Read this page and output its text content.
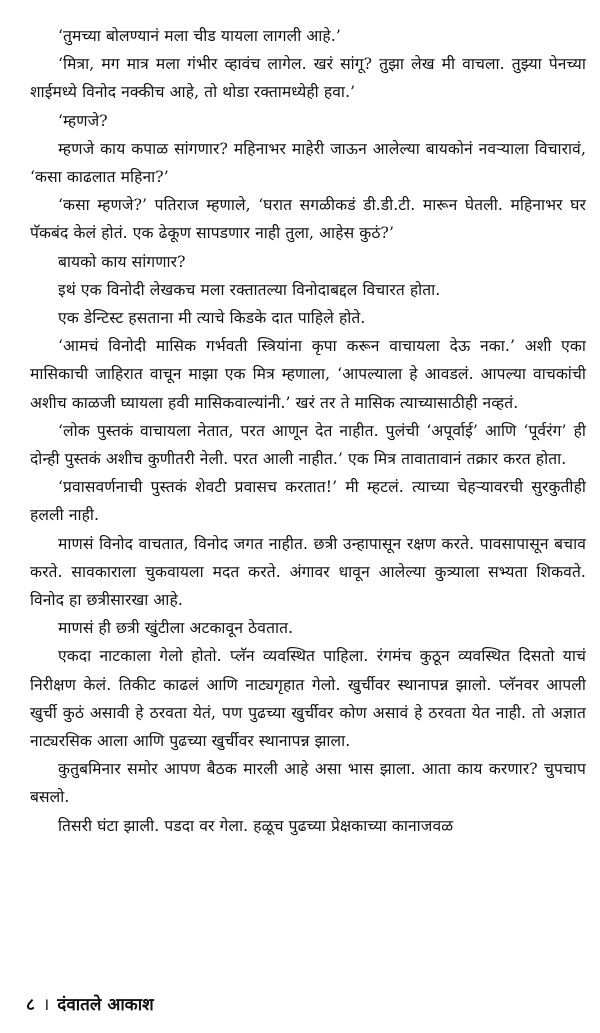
‘तुमच्या बोलण्यानं मला चीड यायला लागली आहे.’

‘मित्रा, मग मात्र मला गंभीर व्हावंच लागेल. खरं सांगू? तुझा लेख मी वाचला. तुझ्या पेनच्या शाईमध्ये विनोद नक्कीच आहे, तो थोडा रक्तामध्येही हवा.’

‘म्हणजे?

म्हणजे काय कपाळ सांगणार? महिनाभर माहेरी जाऊन आलेल्या बायकोनं नवऱ्याला विचारावं, ‘कसा काढलात महिना?’

‘कसा म्हणजे?’ पतिराज म्हणाले, ‘घरात सगळीकडं डी.डी.टी. मारून घेतली. महिनाभर घर पॅकबंद केलं होतं. एक ढेकूण सापडणार नाही तुला, आहेस कुठं?’

बायको काय सांगणार?

इथं एक विनोदी लेखकच मला रक्तातल्या विनोदाबद्दल विचारत होता.

एक डेन्टिस्ट हसताना मी त्याचे किडके दात पाहिले होते.

‘आमचं विनोदी मासिक गर्भवती स्त्रियांना कृपा करून वाचायला देऊ नका.’ अशी एका मासिकाची जाहिरात वाचून माझा एक मित्र म्हणाला, ‘आपल्याला हे आवडलं. आपल्या वाचकांची अशीच काळजी घ्यायला हवी मासिकवाल्यांनी.’ खरं तर ते मासिक त्याच्यासाठीही नव्हतं.

‘लोक पुस्तकं वाचायला नेतात, परत आणून देत नाहीत. पुलंची ‘अपूर्वाई’ आणि ‘पूर्वरंग’ ही दोन्ही पुस्तकं अशीच कुणीतरी नेली. परत आली नाहीत.’ एक मित्र तावातावानं तक्रार करत होता.

‘प्रवासवर्णनाची पुस्तकं शेवटी प्रवासच करतात!’ मी म्हटलं. त्याच्या चेहऱ्यावरची सुरकुतीही हलली नाही.

माणसं विनोद वाचतात, विनोद जगत नाहीत. छत्री उन्हापासून रक्षण करते. पावसापासून बचाव करते. सावकाराला चुकवायला मदत करते. अंगावर धावून आलेल्या कुत्र्याला सभ्यता शिकवते. विनोद हा छत्रीसारखा आहे.

माणसं ही छत्री खुंटीला अटकावून ठेवतात.

एकदा नाटकाला गेलो होतो. प्लॅन व्यवस्थित पाहिला. रंगमंच कुठून व्यवस्थित दिसतो याचं निरीक्षण केलं. तिकीट काढलं आणि नाट्यगृहात गेलो. खुर्चीवर स्थानापन्न झालो. प्लॅनवर आपली खुर्ची कुठं असावी हे ठरवता येतं, पण पुढच्या खुर्चीवर कोण असावं हे ठरवता येत नाही. तो अज्ञात नाट्यरसिक आला आणि पुढच्या खुर्चीवर स्थानापन्न झाला.

कुतुबमिनार समोर आपण बैठक मारली आहे असा भास झाला. आता काय करणार? चुपचाप बसलो.

तिसरी घंटा झाली. पडदा वर गेला. हळूच पुढच्या प्रेक्षकाच्या कानाजवळ

८ । दंवातले आकाश
